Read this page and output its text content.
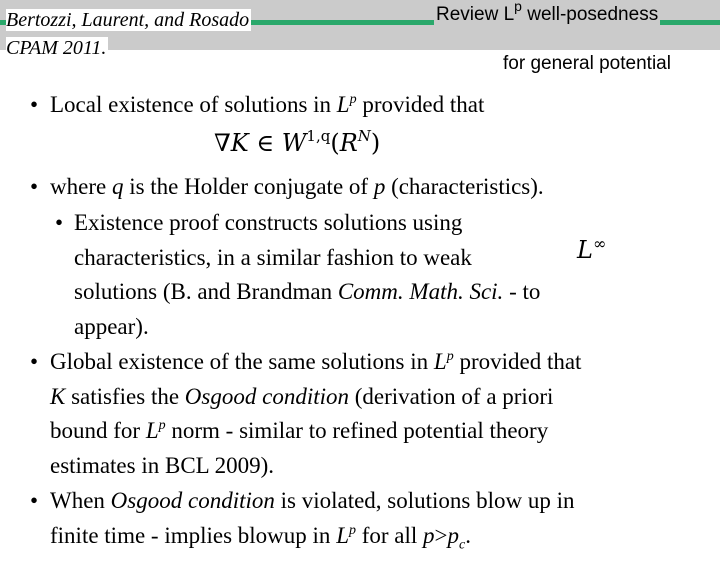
Bertozzi, Laurent, and Rosado
CPAM 2011.
Review $L^p$ well-posedness
for general potential
• Local existence of solutions in $L^p$ provided that
• where q is the Holder conjugate of p (characteristics).
• Existence proof constructs solutions using
characteristics, in a similar fashion to weak
solutions (B. and Brandman Comm. Math. Sci. - to
appear).
• Global existence of the same solutions in $L^p$ provided that
K satisfies the Osgood condition (derivation of a priori
bound for $L^p$ norm - similar to refined potential theory
estimates in BCL 2009).
• When Osgood condition is violated, solutions blow up in
finite time - implies blowup in $L^p$ for all $p>p_c$.
∇K ∈ $W^{1,q}(R^N)$
L∞
